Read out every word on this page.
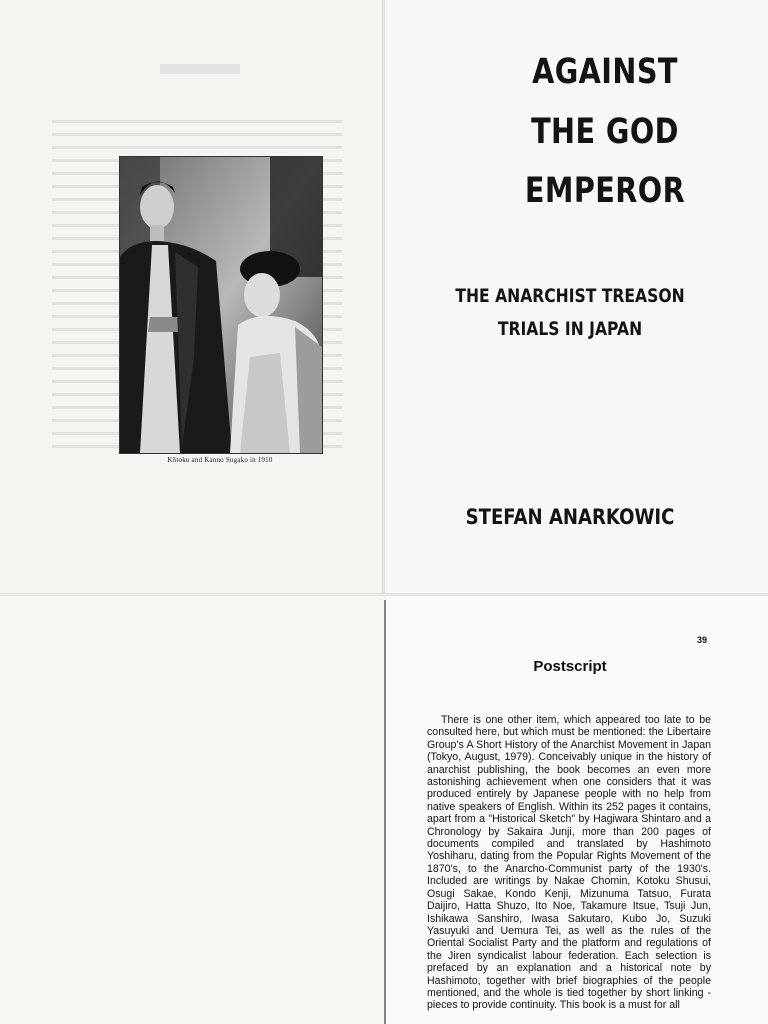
Kōtoku and Kanno Sugako in 1910
AGAINST
THE GOD
EMPEROR
THE ANARCHIST TREASON
TRIALS IN JAPAN
STEFAN ANARKOWIC
39
Postscript
There is one other item, which appeared too late to be consulted here, but which must be mentioned: the Libertaire Group's A Short History of the Anarchist Movement in Japan (Tokyo, August, 1979). Conceivably unique in the history of anarchist publishing, the book becomes an even more astonishing achievement when one considers that it was produced entirely by Japanese people with no help from native speakers of English. Within its 252 pages it contains, apart from a "Historical Sketch" by Hagiwara Shintaro and a Chronology by Sakaira Junji, more than 200 pages of documents compiled and translated by Hashimoto Yoshiharu, dating from the Popular Rights Movement of the 1870's, to the Anarcho-Communist party of the 1930's. Included are writings by Nakae Chomin, Kotoku Shusui, Osugi Sakae, Kondo Kenji, Mizunuma Tatsuo, Furata Daijiro, Hatta Shuzo, Ito Noe, Takamure Itsue, Tsuji Jun, Ishikawa Sanshiro, Iwasa Sakutaro, Kubo Jo, Suzuki Yasuyuki and Uemura Tei, as well as the rules of the Oriental Socialist Party and the platform and regulations of the Jiren syndicalist labour federation. Each selection is prefaced by an explanation and a historical note by Hashimoto, together with brief biographies of the people mentioned, and the whole is tied together by short linking - pieces to provide continuity. This book is a must for all
